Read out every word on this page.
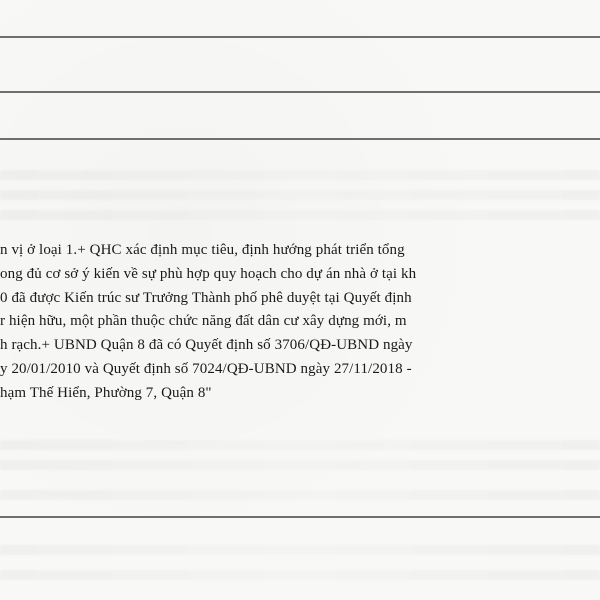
n vị ở loại 1.+ QHC xác định mục tiêu, định hướng phát triển tổng
ong đủ cơ sở ý kiến về sự phù hợp quy hoạch cho dự án nhà ở tại kh
0 đã được Kiến trúc sư Trưởng Thành phố phê duyệt tại Quyết định
r hiện hữu, một phần thuộc chức năng đất dân cư xây dựng mới, m
h rạch.+ UBND Quận 8 đã có Quyết định số 3706/QĐ-UBND ngày
y 20/01/2010 và Quyết định số 7024/QĐ-UBND ngày 27/11/2018 -
hạm Thế Hiển, Phường 7, Quận 8"
